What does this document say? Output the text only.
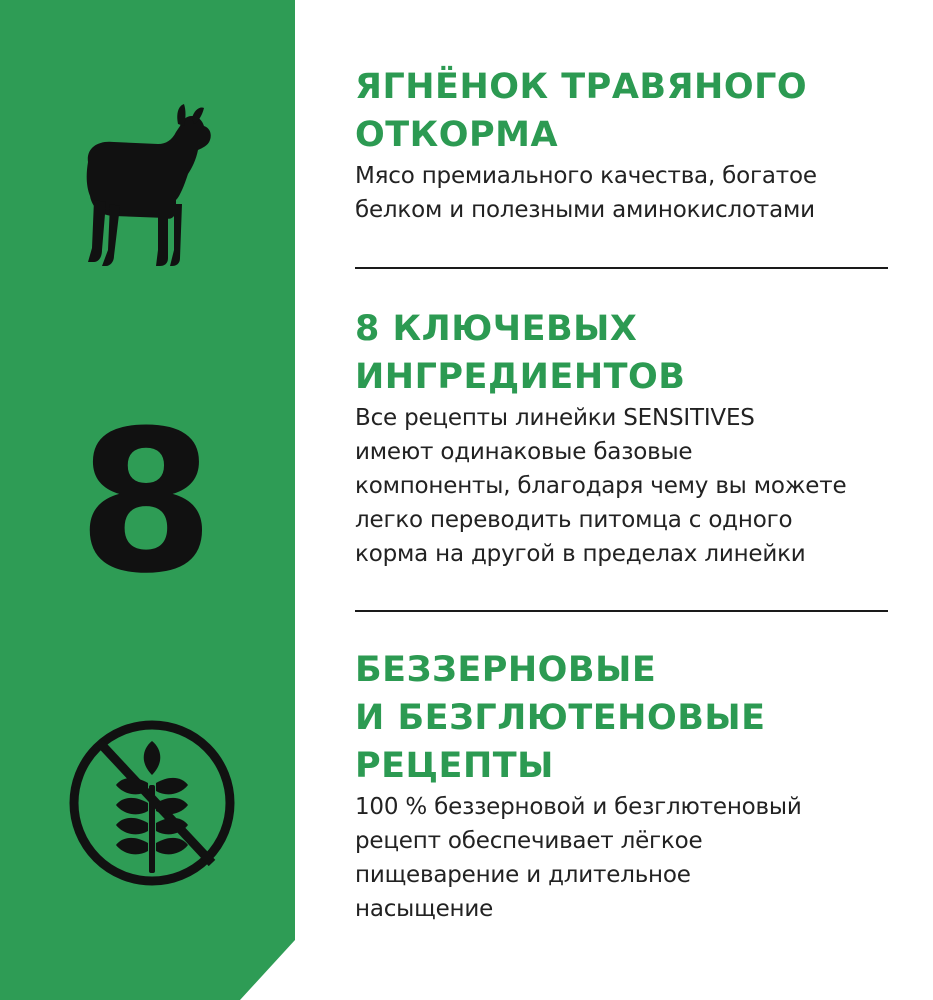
8
ЯГНЁНОК ТРАВЯНОГО
ОТКОРМА

Мясо премиального качества, богатое
белком и полезными аминокислотами

8 КЛЮЧЕВЫХ
ИНГРЕДИЕНТОВ

Все рецепты линейки SENSITIVES
имеют одинаковые базовые
компоненты, благодаря чему вы можете
легко переводить питомца с одного
корма на другой в пределах линейки

БЕЗЗЕРНОВЫЕ
И БЕЗГЛЮТЕНОВЫЕ
РЕЦЕПТЫ

100 % беззерновой и безглютеновый
рецепт обеспечивает лёгкое
пищеварение и длительное
насыщение
